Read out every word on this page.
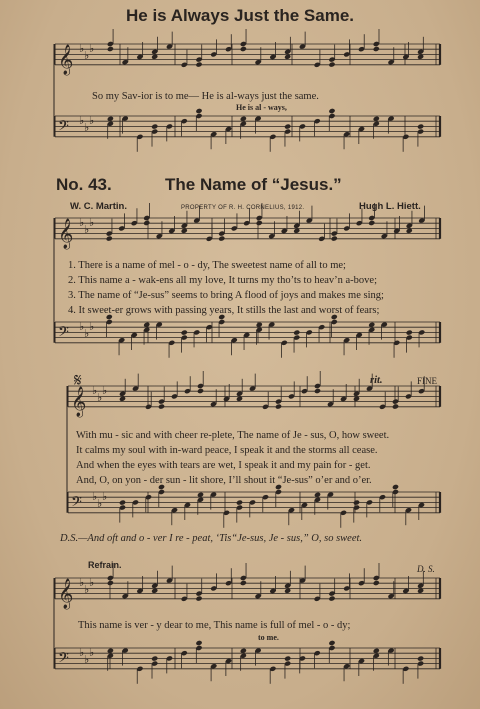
𝄞 ♭
♭
♭
𝄢 ♭
♭
♭
𝄞 ♭
♭
♭
𝄢 ♭
♭
♭
𝄞 ♭
♭
♭
𝄢 ♭
♭
♭
𝄞 ♭
♭
♭
𝄢 ♭
♭
♭
He is Always Just the Same.
So my Sav-ior is to me— He is al-ways just the same.
He is al - ways,
No. 43.	The Name of “Jesus.”
W. C. Martin.	PROPERTY OF R. H. CORNELIUS, 1912.	Hugh L. Hiett.
1. There is a name of mel - o - dy, The sweetest name of all to me;
2. This name a - wak-ens all my love, It turns my tho’ts to heav’n a-bove;
3. The name of “Je-sus” seems to bring A flood of joys and makes me sing;
4. It sweet-er grows with passing years, It stills the last and worst of fears;
𝄋	rit.	FINE
With mu - sic and with cheer re-plete, The name of Je - sus, O, how sweet.
It calms my soul with in-ward peace, I speak it and the storms all cease.
And when the eyes with tears are wet, I speak it and my pain for - get.
And, O, on yon - der sun - lit shore, I’ll shout it “Je-sus” o’er and o’er.
D.S.—And oft and o - ver I re - peat, ‘Tis“Je-sus, Je - sus,” O, so sweet.
Refrain.	D. S.
This name is ver - y dear to me, This name is full of mel - o - dy;
to me.
